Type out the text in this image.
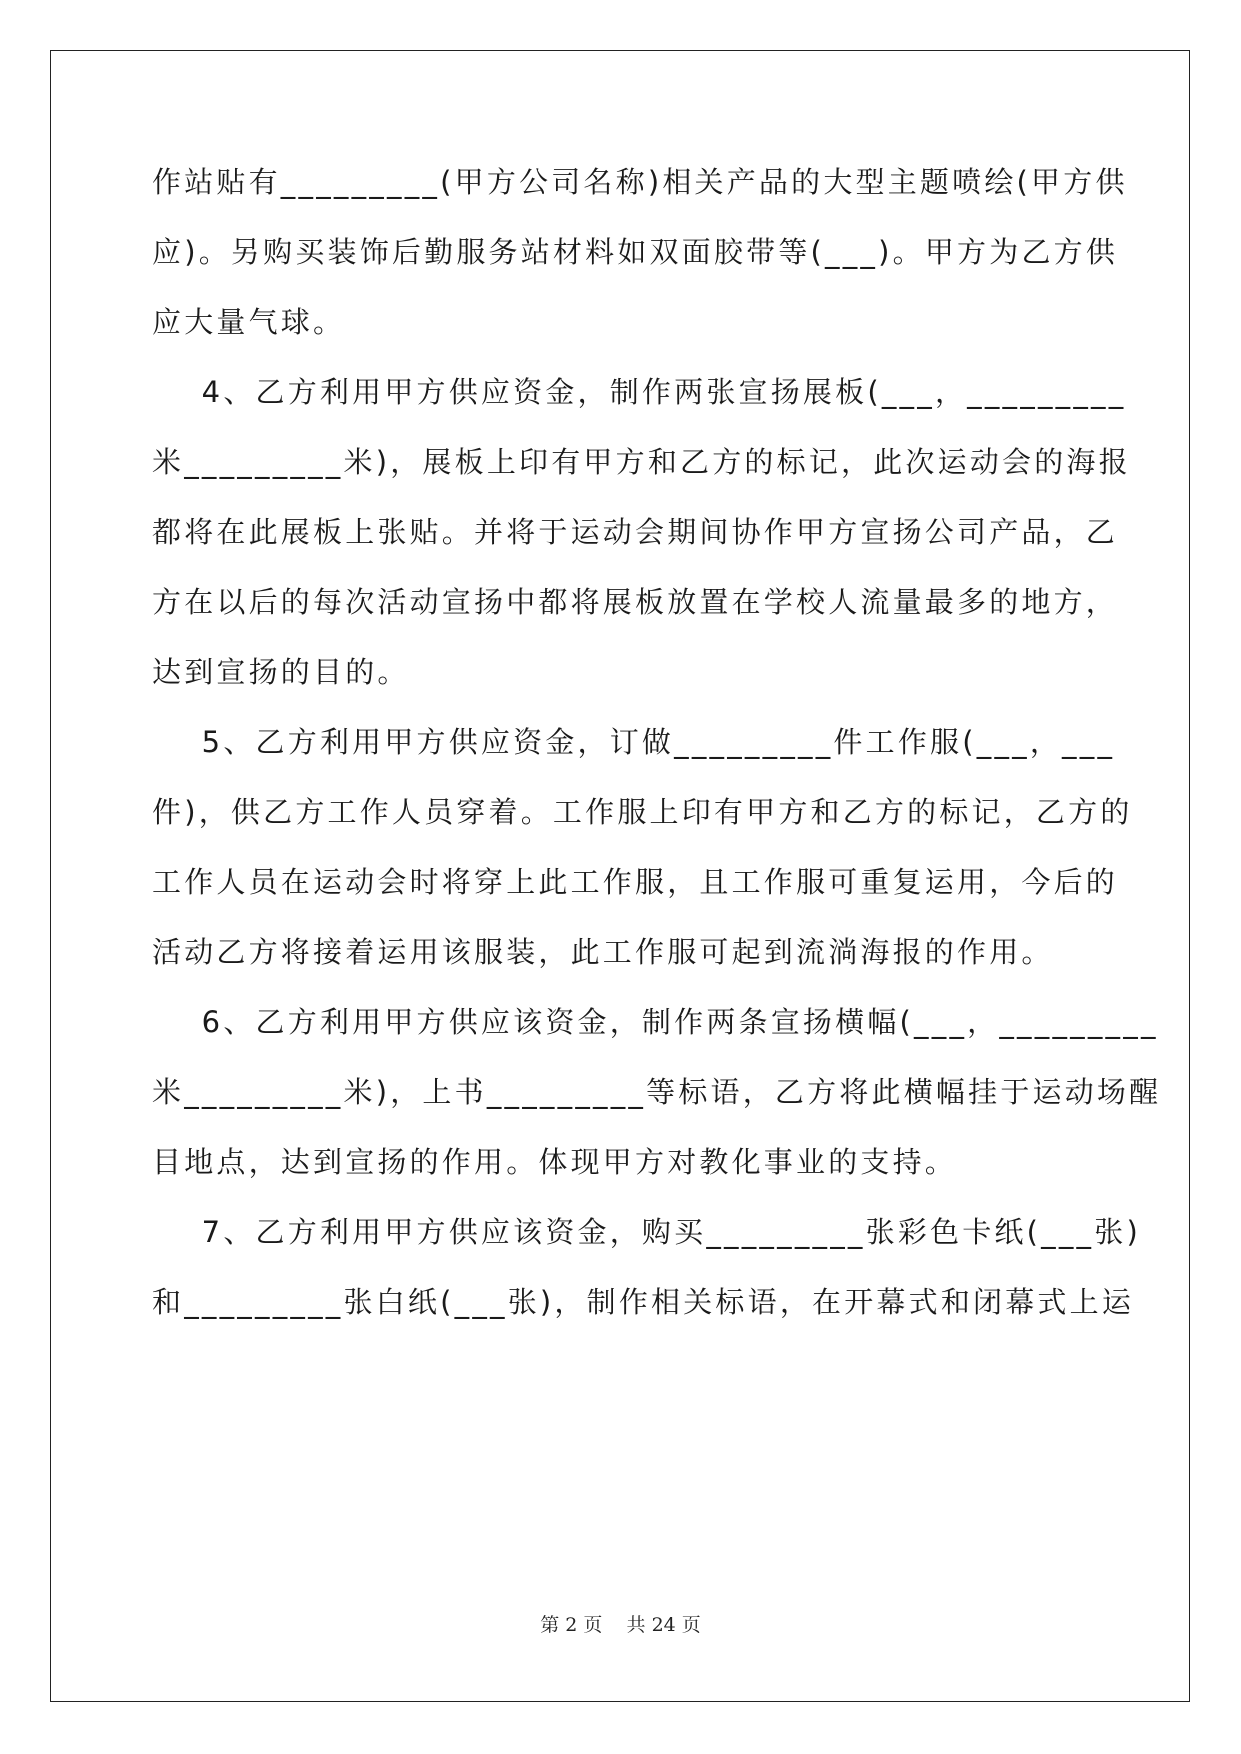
作站贴有_________(甲方公司名称)相关产品的大型主题喷绘(甲方供
应)。另购买装饰后勤服务站材料如双面胶带等(___)。甲方为乙方供
应大量气球。
4、乙方利用甲方供应资金，制作两张宣扬展板(___，_________
米_________米)，展板上印有甲方和乙方的标记，此次运动会的海报
都将在此展板上张贴。并将于运动会期间协作甲方宣扬公司产品，乙
方在以后的每次活动宣扬中都将展板放置在学校人流量最多的地方，
达到宣扬的目的。
5、乙方利用甲方供应资金，订做_________件工作服(___，___
件)，供乙方工作人员穿着。工作服上印有甲方和乙方的标记，乙方的
工作人员在运动会时将穿上此工作服，且工作服可重复运用，今后的
活动乙方将接着运用该服装，此工作服可起到流淌海报的作用。
6、乙方利用甲方供应该资金，制作两条宣扬横幅(___，_________
米_________米)，上书_________等标语，乙方将此横幅挂于运动场醒
目地点，达到宣扬的作用。体现甲方对教化事业的支持。
7、乙方利用甲方供应该资金，购买_________张彩色卡纸(___张)
和_________张白纸(___张)，制作相关标语，在开幕式和闭幕式上运
第 2 页    共 24 页
